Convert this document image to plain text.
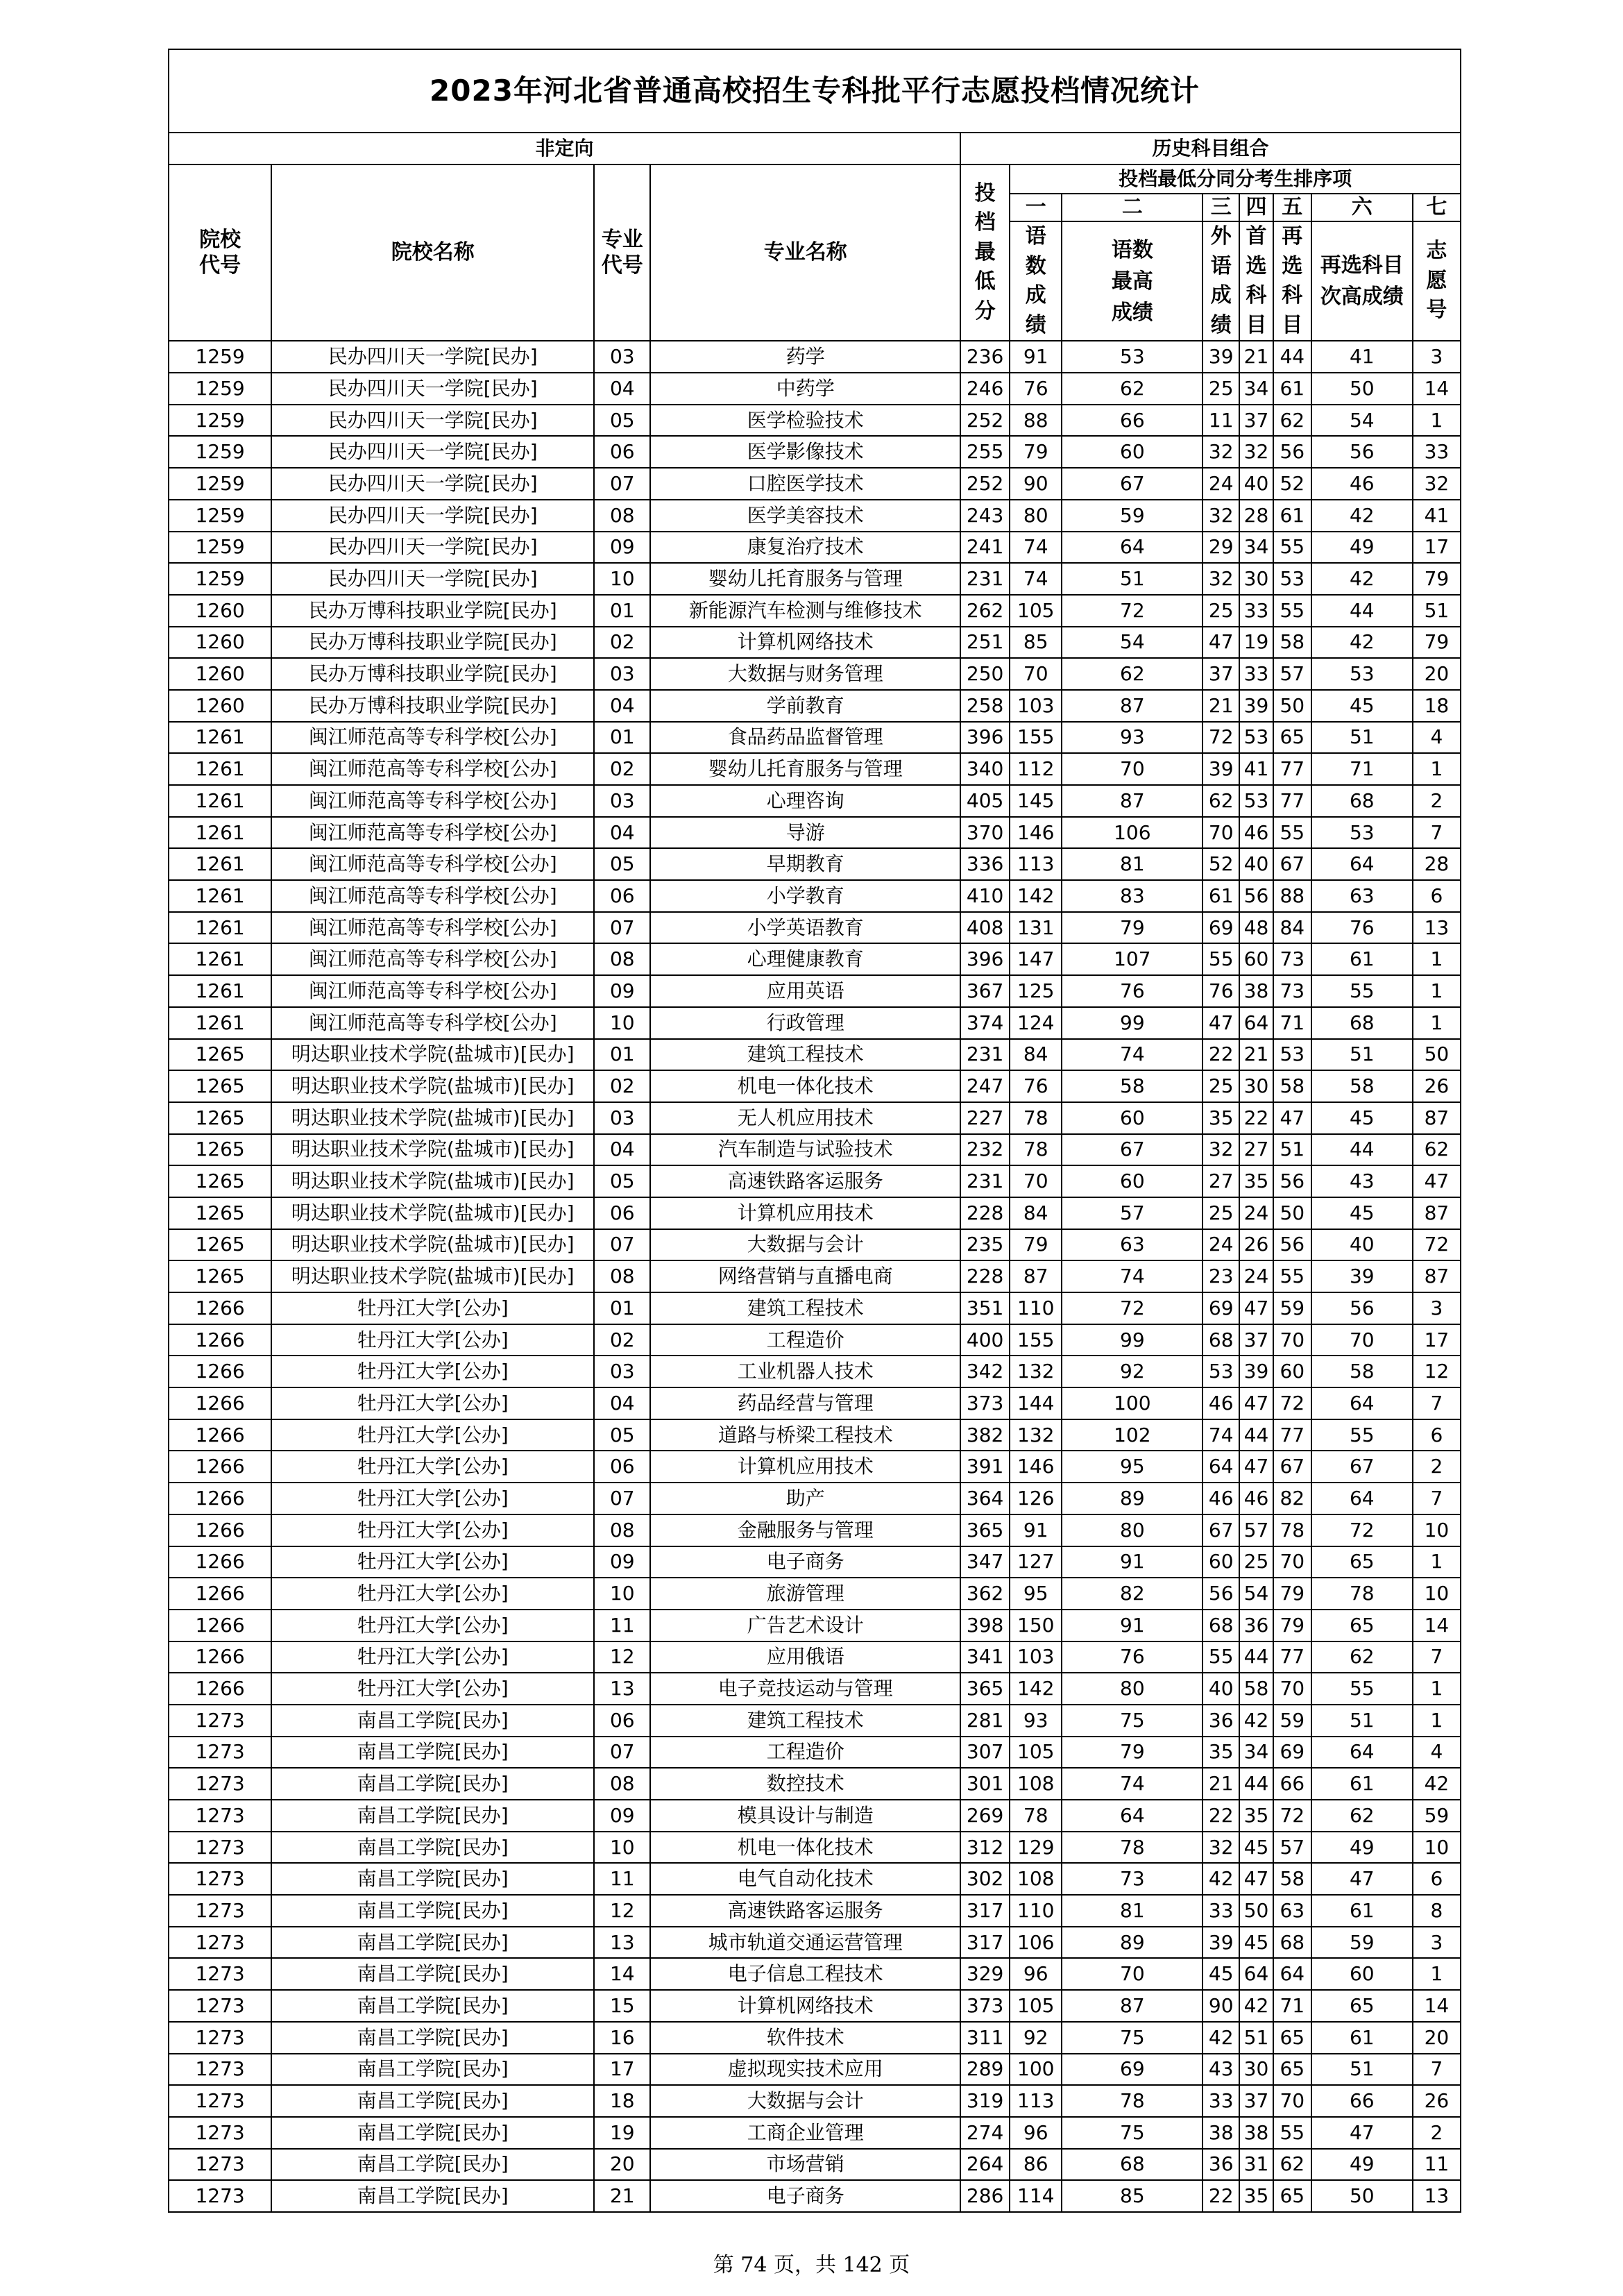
2023年河北省普通高校招生专科批平行志愿投档情况统计											
非定向				历史科目组合							
院校代号	院校名称	专业代号	专业名称	投档最低分	投档最低分同分考生排序项						
					一	二	三	四	五	六	七
					语数成绩	语数最高成绩	外语成绩	首选科目	再选科目	再选科目次高成绩	志愿号
1259	民办四川天一学院[民办]	03	药学	236	91	53	39	21	44	41	3
1259	民办四川天一学院[民办]	04	中药学	246	76	62	25	34	61	50	14
1259	民办四川天一学院[民办]	05	医学检验技术	252	88	66	11	37	62	54	1
1259	民办四川天一学院[民办]	06	医学影像技术	255	79	60	32	32	56	56	33
1259	民办四川天一学院[民办]	07	口腔医学技术	252	90	67	24	40	52	46	32
1259	民办四川天一学院[民办]	08	医学美容技术	243	80	59	32	28	61	42	41
1259	民办四川天一学院[民办]	09	康复治疗技术	241	74	64	29	34	55	49	17
1259	民办四川天一学院[民办]	10	婴幼儿托育服务与管理	231	74	51	32	30	53	42	79
1260	民办万博科技职业学院[民办]	01	新能源汽车检测与维修技术	262	105	72	25	33	55	44	51
1260	民办万博科技职业学院[民办]	02	计算机网络技术	251	85	54	47	19	58	42	79
1260	民办万博科技职业学院[民办]	03	大数据与财务管理	250	70	62	37	33	57	53	20
1260	民办万博科技职业学院[民办]	04	学前教育	258	103	87	21	39	50	45	18
1261	闽江师范高等专科学校[公办]	01	食品药品监督管理	396	155	93	72	53	65	51	4
1261	闽江师范高等专科学校[公办]	02	婴幼儿托育服务与管理	340	112	70	39	41	77	71	1
1261	闽江师范高等专科学校[公办]	03	心理咨询	405	145	87	62	53	77	68	2
1261	闽江师范高等专科学校[公办]	04	导游	370	146	106	70	46	55	53	7
1261	闽江师范高等专科学校[公办]	05	早期教育	336	113	81	52	40	67	64	28
1261	闽江师范高等专科学校[公办]	06	小学教育	410	142	83	61	56	88	63	6
1261	闽江师范高等专科学校[公办]	07	小学英语教育	408	131	79	69	48	84	76	13
1261	闽江师范高等专科学校[公办]	08	心理健康教育	396	147	107	55	60	73	61	1
1261	闽江师范高等专科学校[公办]	09	应用英语	367	125	76	76	38	73	55	1
1261	闽江师范高等专科学校[公办]	10	行政管理	374	124	99	47	64	71	68	1
1265	明达职业技术学院(盐城市)[民办]	01	建筑工程技术	231	84	74	22	21	53	51	50
1265	明达职业技术学院(盐城市)[民办]	02	机电一体化技术	247	76	58	25	30	58	58	26
1265	明达职业技术学院(盐城市)[民办]	03	无人机应用技术	227	78	60	35	22	47	45	87
1265	明达职业技术学院(盐城市)[民办]	04	汽车制造与试验技术	232	78	67	32	27	51	44	62
1265	明达职业技术学院(盐城市)[民办]	05	高速铁路客运服务	231	70	60	27	35	56	43	47
1265	明达职业技术学院(盐城市)[民办]	06	计算机应用技术	228	84	57	25	24	50	45	87
1265	明达职业技术学院(盐城市)[民办]	07	大数据与会计	235	79	63	24	26	56	40	72
1265	明达职业技术学院(盐城市)[民办]	08	网络营销与直播电商	228	87	74	23	24	55	39	87
1266	牡丹江大学[公办]	01	建筑工程技术	351	110	72	69	47	59	56	3
1266	牡丹江大学[公办]	02	工程造价	400	155	99	68	37	70	70	17
1266	牡丹江大学[公办]	03	工业机器人技术	342	132	92	53	39	60	58	12
1266	牡丹江大学[公办]	04	药品经营与管理	373	144	100	46	47	72	64	7
1266	牡丹江大学[公办]	05	道路与桥梁工程技术	382	132	102	74	44	77	55	6
1266	牡丹江大学[公办]	06	计算机应用技术	391	146	95	64	47	67	67	2
1266	牡丹江大学[公办]	07	助产	364	126	89	46	46	82	64	7
1266	牡丹江大学[公办]	08	金融服务与管理	365	91	80	67	57	78	72	10
1266	牡丹江大学[公办]	09	电子商务	347	127	91	60	25	70	65	1
1266	牡丹江大学[公办]	10	旅游管理	362	95	82	56	54	79	78	10
1266	牡丹江大学[公办]	11	广告艺术设计	398	150	91	68	36	79	65	14
1266	牡丹江大学[公办]	12	应用俄语	341	103	76	55	44	77	62	7
1266	牡丹江大学[公办]	13	电子竞技运动与管理	365	142	80	40	58	70	55	1
1273	南昌工学院[民办]	06	建筑工程技术	281	93	75	36	42	59	51	1
1273	南昌工学院[民办]	07	工程造价	307	105	79	35	34	69	64	4
1273	南昌工学院[民办]	08	数控技术	301	108	74	21	44	66	61	42
1273	南昌工学院[民办]	09	模具设计与制造	269	78	64	22	35	72	62	59
1273	南昌工学院[民办]	10	机电一体化技术	312	129	78	32	45	57	49	10
1273	南昌工学院[民办]	11	电气自动化技术	302	108	73	42	47	58	47	6
1273	南昌工学院[民办]	12	高速铁路客运服务	317	110	81	33	50	63	61	8
1273	南昌工学院[民办]	13	城市轨道交通运营管理	317	106	89	39	45	68	59	3
1273	南昌工学院[民办]	14	电子信息工程技术	329	96	70	45	64	64	60	1
1273	南昌工学院[民办]	15	计算机网络技术	373	105	87	90	42	71	65	14
1273	南昌工学院[民办]	16	软件技术	311	92	75	42	51	65	61	20
1273	南昌工学院[民办]	17	虚拟现实技术应用	289	100	69	43	30	65	51	7
1273	南昌工学院[民办]	18	大数据与会计	319	113	78	33	37	70	66	26
1273	南昌工学院[民办]	19	工商企业管理	274	96	75	38	38	55	47	2
1273	南昌工学院[民办]	20	市场营销	264	86	68	36	31	62	49	11
1273	南昌工学院[民办]	21	电子商务	286	114	85	22	35	65	50	13
第 74 页，共 142 页
